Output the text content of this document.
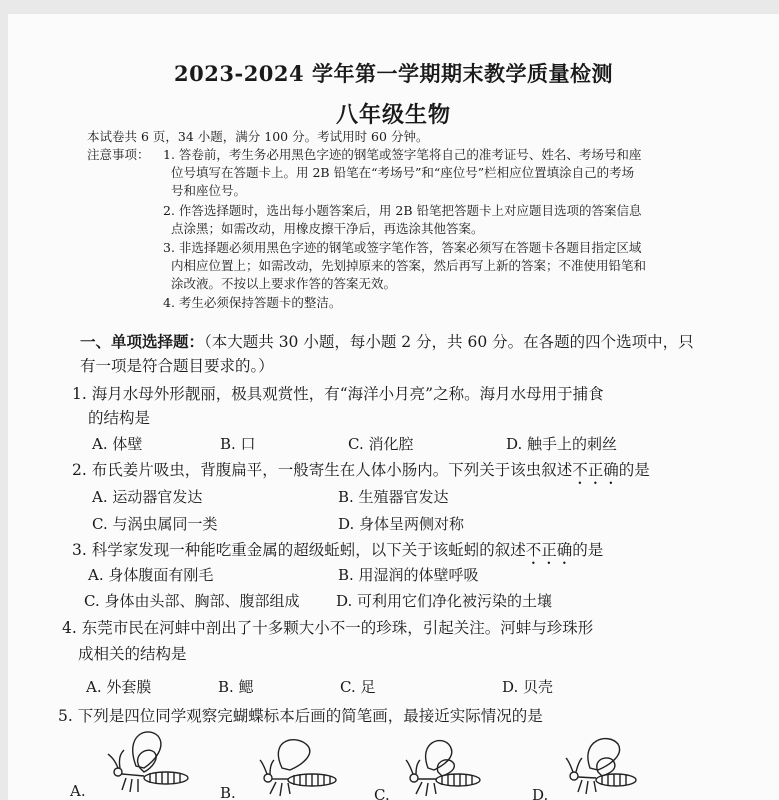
2023-2024 学年第一学期期末教学质量检测
八年级生物
本试卷共 6 页，34 小题，满分 100 分。考试用时 60 分钟。
注意事项： 1. 答卷前，考生务必用黑色字迹的钢笔或签字笔将自己的准考证号、姓名、考场号和座
位号填写在答题卡上。用 2B 铅笔在“考场号”和“座位号”栏相应位置填涂自己的考场
号和座位号。
2. 作答选择题时，选出每小题答案后，用 2B 铅笔把答题卡上对应题目选项的答案信息
点涂黑；如需改动，用橡皮擦干净后，再选涂其他答案。
3. 非选择题必须用黑色字迹的钢笔或签字笔作答，答案必须写在答题卡各题目指定区域
内相应位置上；如需改动，先划掉原来的答案，然后再写上新的答案；不准使用铅笔和
涂改液。不按以上要求作答的答案无效。
4. 考生必须保持答题卡的整洁。
一、单项选择题：（本大题共 30 小题，每小题 2 分，共 60 分。在各题的四个选项中，只
有一项是符合题目要求的。）
1. 海月水母外形靓丽，极具观赏性，有“海洋小月亮”之称。海月水母用于捕食
的结构是
A. 体壁	B. 口	C. 消化腔	D. 触手上的刺丝
2. 布氏姜片吸虫，背腹扁平，一般寄生在人体小肠内。下列关于该虫叙述不正确的是
A. 运动器官发达	B. 生殖器官发达
C. 与涡虫属同一类	D. 身体呈两侧对称
3. 科学家发现一种能吃重金属的超级蚯蚓，以下关于该蚯蚓的叙述不正确的是
A. 身体腹面有刚毛	B. 用湿润的体壁呼吸
C. 身体由头部、胸部、腹部组成 D. 可利用它们净化被污染的土壤
4. 东莞市民在河蚌中剖出了十多颗大小不一的珍珠，引起关注。河蚌与珍珠形
成相关的结构是
A. 外套膜	B. 鳃	C. 足	D. 贝壳
5. 下列是四位同学观察完蝴蝶标本后画的简笔画，最接近实际情况的是
A.	B.	C.	D.
